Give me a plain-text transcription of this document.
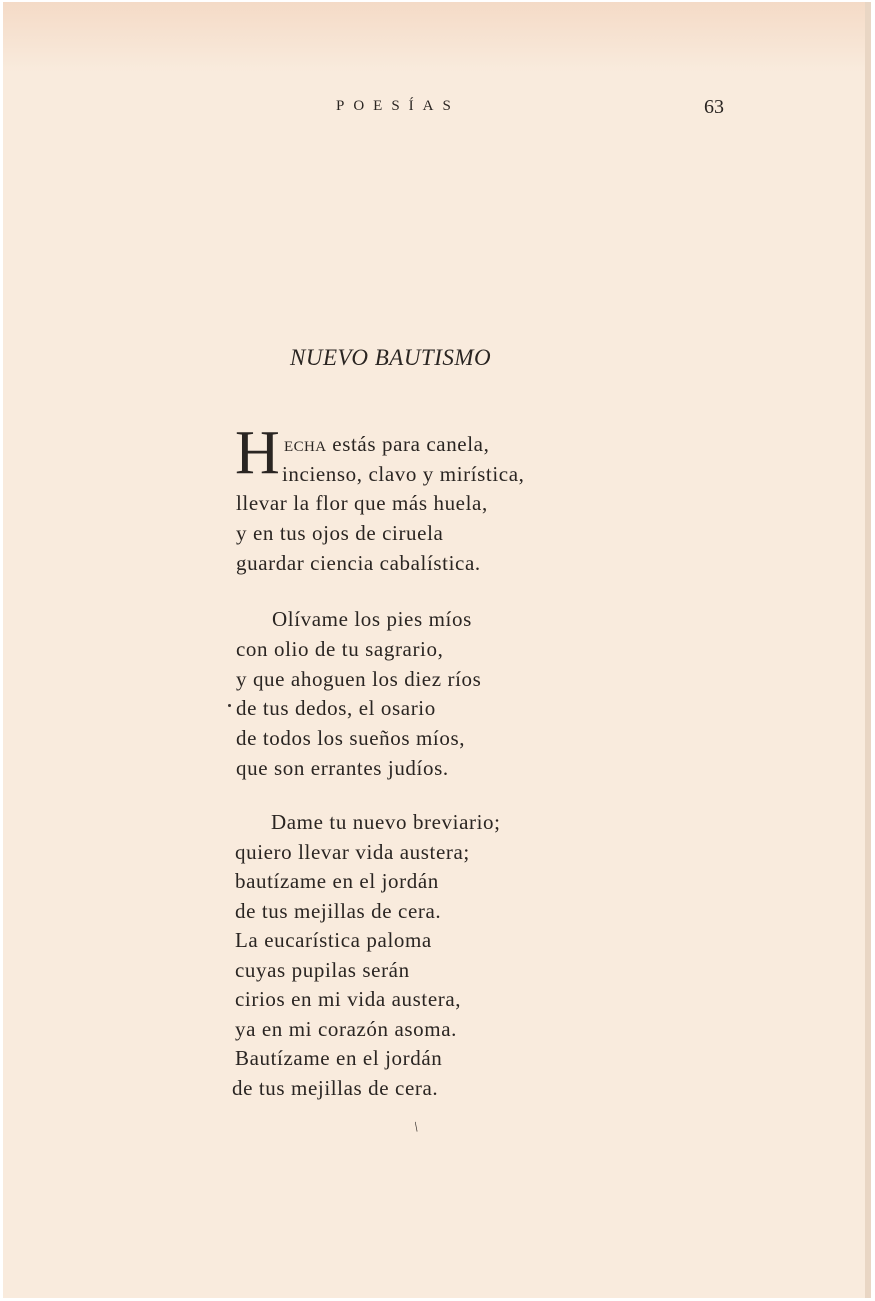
POESÍAS	63
NUEVO BAUTISMO
H ECHA estás para canela,
incienso, clavo y mirística,
llevar la flor que más huela,
y en tus ojos de ciruela
guardar ciencia cabalística.
Olívame los pies míos
con olio de tu sagrario,
y que ahoguen los diez ríos
de tus dedos, el osario
de todos los sueños míos,
que son errantes judíos.
Dame tu nuevo breviario;
quiero llevar vida austera;
bautízame en el jordán
de tus mejillas de cera.
La eucarística paloma
cuyas pupilas serán
cirios en mi vida austera,
ya en mi corazón asoma.
Bautízame en el jordán
de tus mejillas de cera.
/
